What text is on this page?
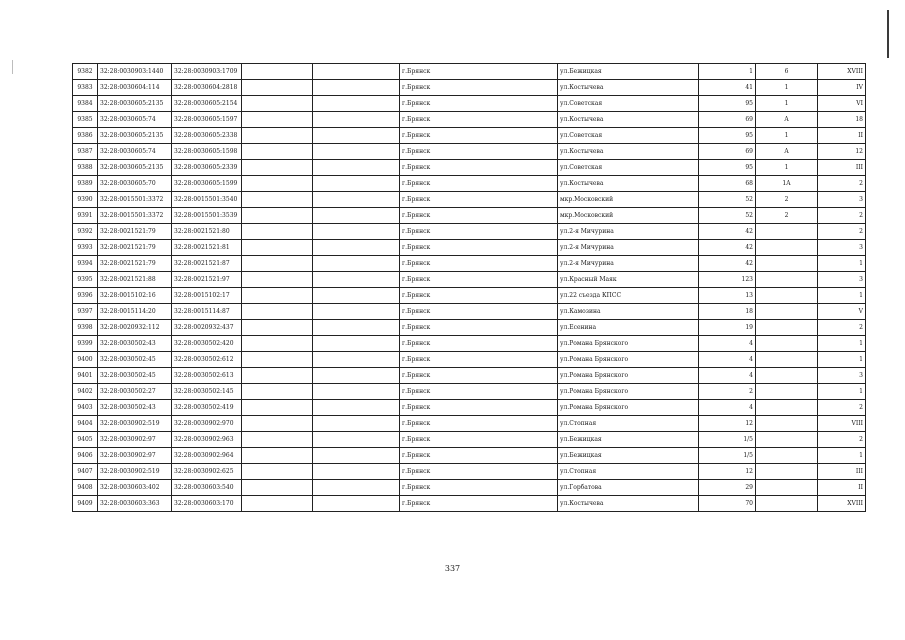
9382	32:28:0030903:1440	32:28:0030903:1709			г.Брянск	ул.Бежицкая	1	6	XVIII
9383	32:28:0030604:114	32:28:0030604:2818			г.Брянск	ул.Костычева	41	1	IV
9384	32:28:0030605:2135	32:28:0030605:2154			г.Брянск	ул.Советская	95	1	VI
9385	32:28:0030605:74	32:28:0030605:1597			г.Брянск	ул.Костычева	69	А	18
9386	32:28:0030605:2135	32:28:0030605:2338			г.Брянск	ул.Советская	95	1	II
9387	32:28:0030605:74	32:28:0030605:1598			г.Брянск	ул.Костычева	69	А	12
9388	32:28:0030605:2135	32:28:0030605:2339			г.Брянск	ул.Советская	95	1	III
9389	32:28:0030605:70	32:28:0030605:1599			г.Брянск	ул.Костычева	68	1А	2
9390	32:28:0015501:3372	32:28:0015501:3540			г.Брянск	мкр.Московский	52	2	3
9391	32:28:0015501:3372	32:28:0015501:3539			г.Брянск	мкр.Московский	52	2	2
9392	32:28:0021521:79	32:28:0021521:80			г.Брянск	ул.2-я Мичурина	42		2
9393	32:28:0021521:79	32:28:0021521:81			г.Брянск	ул.2-я Мичурина	42		3
9394	32:28:0021521:79	32:28:0021521:87			г.Брянск	ул.2-я Мичурина	42		1
9395	32:28:0021521:88	32:28:0021521:97			г.Брянск	ул.Красный Маяк	123		3
9396	32:28:0015102:16	32:28:0015102:17			г.Брянск	ул.22 съезда КПСС	13		1
9397	32:28:0015114:20	32:28:0015114:87			г.Брянск	ул.Камозина	18		V
9398	32:28:0020932:112	32:28:0020932:437			г.Брянск	ул.Есенина	19		2
9399	32:28:0030502:43	32:28:0030502:420			г.Брянск	ул.Романа Брянского	4		1
9400	32:28:0030502:45	32:28:0030502:612			г.Брянск	ул.Романа Брянского	4		1
9401	32:28:0030502:45	32:28:0030502:613			г.Брянск	ул.Романа Брянского	4		3
9402	32:28:0030502:27	32:28:0030502:145			г.Брянск	ул.Романа Брянского	2		1
9403	32:28:0030502:43	32:28:0030502:419			г.Брянск	ул.Романа Брянского	4		2
9404	32:28:0030902:519	32:28:0030902:970			г.Брянск	ул.Стопная	12		VIII
9405	32:28:0030902:97	32:28:0030902:963			г.Брянск	ул.Бежицкая	1/5		2
9406	32:28:0030902:97	32:28:0030902:964			г.Брянск	ул.Бежицкая	1/5		1
9407	32:28:0030902:519	32:28:0030902:625			г.Брянск	ул.Стопная	12		III
9408	32:28:0030603:402	32:28:0030603:540			г.Брянск	ул.Горбатова	29		II
9409	32:28:0030603:363	32:28:0030603:170			г.Брянск	ул.Костычева	70		XVIII
337
